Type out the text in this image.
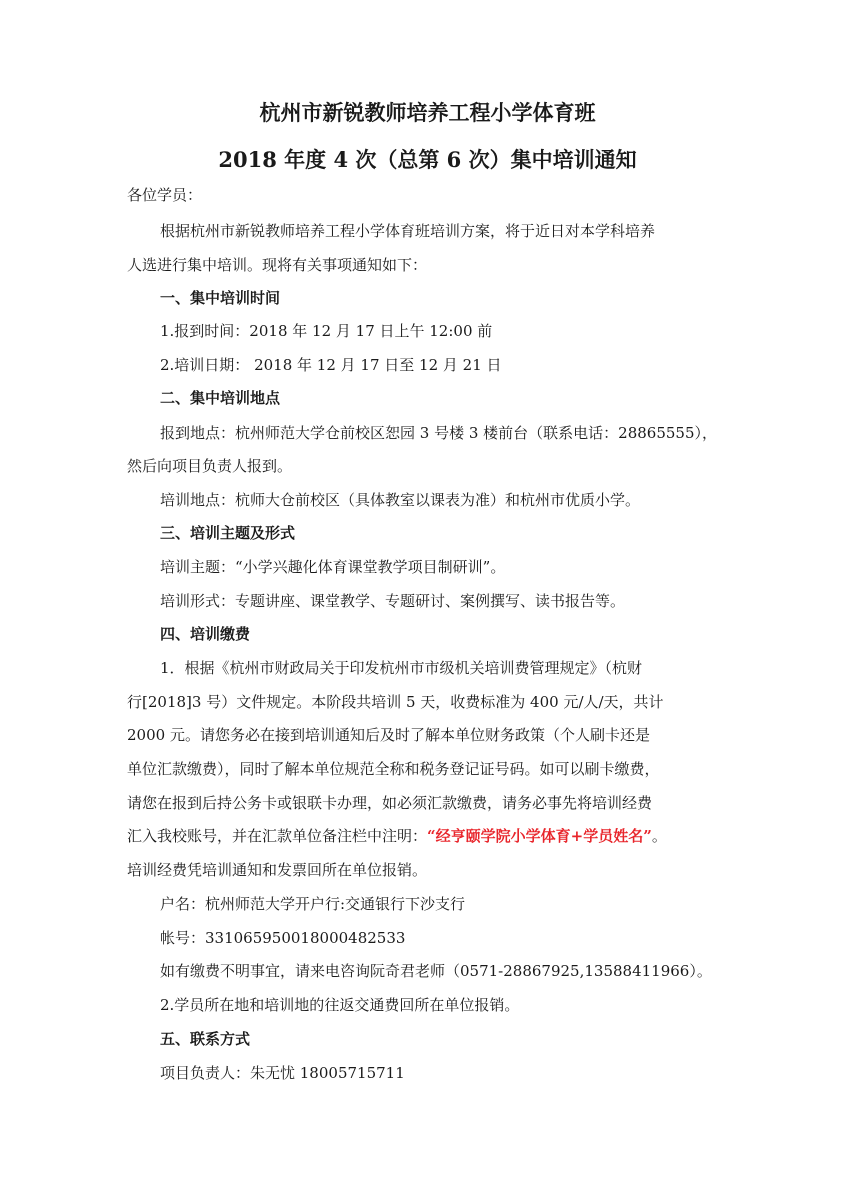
杭州市新锐教师培养工程小学体育班
2018 年度 4 次（总第 6 次）集中培训通知
各位学员：
根据杭州市新锐教师培养工程小学体育班培训方案，将于近日对本学科培养
人选进行集中培训。现将有关事项通知如下：
一、集中培训时间
1.报到时间：2018 年 12 月 17 日上午 12:00 前
2.培训日期： 2018 年 12 月 17 日至 12 月 21 日
二、集中培训地点
报到地点：杭州师范大学仓前校区恕园 3 号楼 3 楼前台（联系电话：28865555），
然后向项目负责人报到。
培训地点：杭师大仓前校区（具体教室以课表为准）和杭州市优质小学。
三、培训主题及形式
培训主题：“小学兴趣化体育课堂教学项目制研训”。
培训形式：专题讲座、课堂教学、专题研讨、案例撰写、读书报告等。
四、培训缴费
1．根据《杭州市财政局关于印发杭州市市级机关培训费管理规定》（杭财
行[2018]3 号）文件规定。本阶段共培训 5 天，收费标准为 400 元/人/天，共计
2000 元。请您务必在接到培训通知后及时了解本单位财务政策（个人刷卡还是
单位汇款缴费），同时了解本单位规范全称和税务登记证号码。如可以刷卡缴费，
请您在报到后持公务卡或银联卡办理，如必须汇款缴费，请务必事先将培训经费
汇入我校账号，并在汇款单位备注栏中注明：“经亨颐学院小学体育+学员姓名”。
培训经费凭培训通知和发票回所在单位报销。
户名：杭州师范大学开户行:交通银行下沙支行
帐号：331065950018000482533
如有缴费不明事宜，请来电咨询阮奇君老师（0571-28867925,13588411966）。
2.学员所在地和培训地的往返交通费回所在单位报销。
五、联系方式
项目负责人：朱无忧 18005715711
